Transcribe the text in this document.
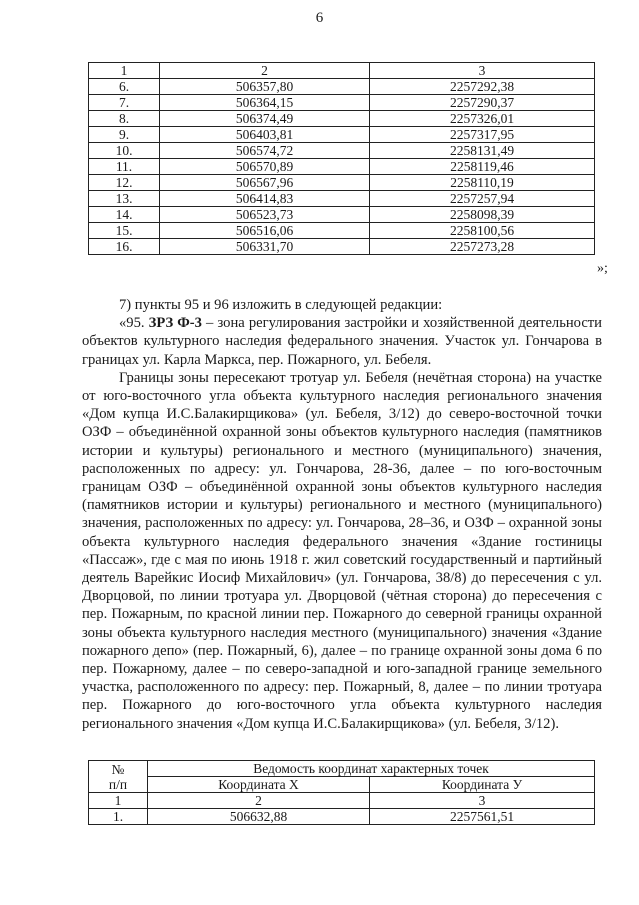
6
1	2	3
6.	506357,80	2257292,38
7.	506364,15	2257290,37
8.	506374,49	2257326,01
9.	506403,81	2257317,95
10.	506574,72	2258131,49
11.	506570,89	2258119,46
12.	506567,96	2258110,19
13.	506414,83	2257257,94
14.	506523,73	2258098,39
15.	506516,06	2258100,56
16.	506331,70	2257273,28
»;

7) пункты 95 и 96 изложить в следующей редакции:

«95. ЗРЗ Ф-3 – зона регулирования застройки и хозяйственной деятельности объектов культурного наследия федерального значения. Участок ул. Гончарова в границах ул. Карла Маркса, пер. Пожарного, ул. Бебеля.

Границы зоны пересекают тротуар ул. Бебеля (нечётная сторона) на участке от юго-восточного угла объекта культурного наследия регионального значения «Дом купца И.С.Балакирщикова» (ул. Бебеля, 3/12) до северо-восточной точки ОЗФ – объединённой охранной зоны объектов культурного наследия (памятников истории и культуры) регионального и местного (муниципального) значения, расположенных по адресу: ул. Гончарова, 28-36, далее – по юго-восточным границам ОЗФ – объединённой охранной зоны объектов культурного наследия (памятников истории и культуры) регионального и местного (муниципального) значения, расположенных по адресу: ул. Гончарова, 28–36, и ОЗФ – охранной зоны объекта культурного наследия федерального значения «Здание гостиницы «Пассаж», где с мая по июнь 1918 г. жил советский государственный и партийный деятель Варейкис Иосиф Михайлович» (ул. Гончарова, 38/8) до пересечения с ул. Дворцовой, по линии тротуара ул. Дворцовой (чётная сторона) до пересечения с пер. Пожарным, по красной линии пер. Пожарного до северной границы охранной зоны объекта культурного наследия местного (муниципального) значения «Здание пожарного депо» (пер. Пожарный, 6), далее – по границе охранной зоны дома 6 по пер. Пожарному, далее – по северо-западной и юго-западной границе земельного участка, расположенного по адресу: пер. Пожарный, 8, далее – по линии тротуара пер. Пожарного до юго-восточного угла объекта культурного наследия регионального значения «Дом купца И.С.Балакирщикова» (ул. Бебеля, 3/12).

№
п/п	Ведомость координат характерных точек	
	Координата X	Координата У
1	2	3
1.	506632,88	2257561,51
